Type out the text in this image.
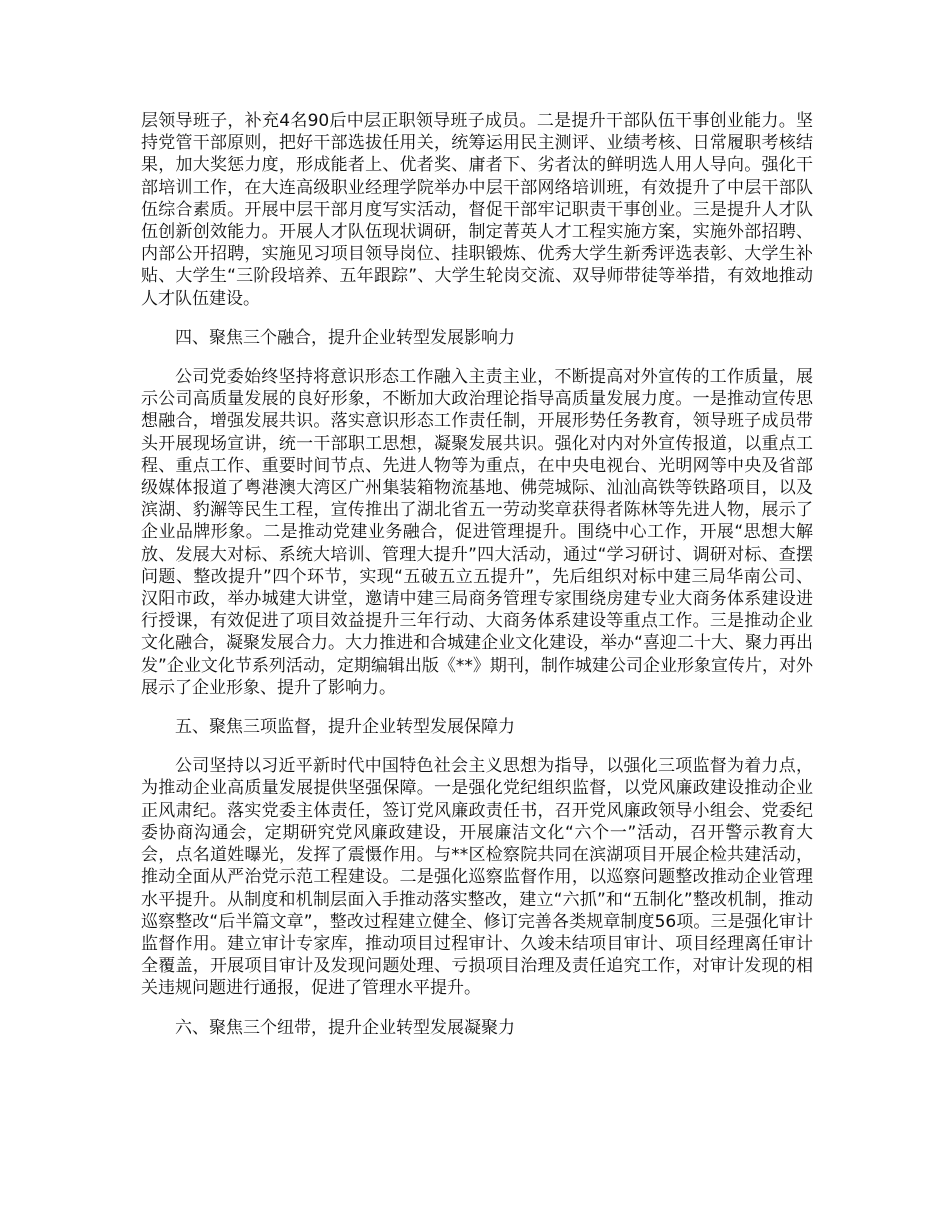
层领导班子，补充4名90后中层正职领导班子成员。二是提升干部队伍干事创业能力。坚持党管干部原则，把好干部选拔任用关，统筹运用民主测评、业绩考核、日常履职考核结果，加大奖惩力度，形成能者上、优者奖、庸者下、劣者汰的鲜明选人用人导向。强化干部培训工作，在大连高级职业经理学院举办中层干部网络培训班，有效提升了中层干部队伍综合素质。开展中层干部月度写实活动，督促干部牢记职责干事创业。三是提升人才队伍创新创效能力。开展人才队伍现状调研，制定菁英人才工程实施方案，实施外部招聘、内部公开招聘，实施见习项目领导岗位、挂职锻炼、优秀大学生新秀评选表彰、大学生补贴、大学生“三阶段培养、五年跟踪”、大学生轮岗交流、双导师带徒等举措，有效地推动人才队伍建设。

四、聚焦三个融合，提升企业转型发展影响力

公司党委始终坚持将意识形态工作融入主责主业，不断提高对外宣传的工作质量，展示公司高质量发展的良好形象，不断加大政治理论指导高质量发展力度。一是推动宣传思想融合，增强发展共识。落实意识形态工作责任制，开展形势任务教育，领导班子成员带头开展现场宣讲，统一干部职工思想，凝聚发展共识。强化对内对外宣传报道，以重点工程、重点工作、重要时间节点、先进人物等为重点，在中央电视台、光明网等中央及省部级媒体报道了粤港澳大湾区广州集装箱物流基地、佛莞城际、汕汕高铁等铁路项目，以及滨湖、豹澥等民生工程，宣传推出了湖北省五一劳动奖章获得者陈林等先进人物，展示了企业品牌形象。二是推动党建业务融合，促进管理提升。围绕中心工作，开展“思想大解放、发展大对标、系统大培训、管理大提升”四大活动，通过“学习研讨、调研对标、查摆问题、整改提升”四个环节，实现“五破五立五提升”，先后组织对标中建三局华南公司、汉阳市政，举办城建大讲堂，邀请中建三局商务管理专家围绕房建专业大商务体系建设进行授课，有效促进了项目效益提升三年行动、大商务体系建设等重点工作。三是推动企业文化融合，凝聚发展合力。大力推进和合城建企业文化建设，举办“喜迎二十大、聚力再出发”企业文化节系列活动，定期编辑出版《**》期刊，制作城建公司企业形象宣传片，对外展示了企业形象、提升了影响力。

五、聚焦三项监督，提升企业转型发展保障力

公司坚持以习近平新时代中国特色社会主义思想为指导，以强化三项监督为着力点，为推动企业高质量发展提供坚强保障。一是强化党纪组织监督，以党风廉政建设推动企业正风肃纪。落实党委主体责任，签订党风廉政责任书，召开党风廉政领导小组会、党委纪委协商沟通会，定期研究党风廉政建设，开展廉洁文化“六个一”活动，召开警示教育大会，点名道姓曝光，发挥了震慑作用。与**区检察院共同在滨湖项目开展企检共建活动，推动全面从严治党示范工程建设。二是强化巡察监督作用，以巡察问题整改推动企业管理水平提升。从制度和机制层面入手推动落实整改，建立“六抓”和“五制化”整改机制，推动巡察整改“后半篇文章”，整改过程建立健全、修订完善各类规章制度56项。三是强化审计监督作用。建立审计专家库，推动项目过程审计、久竣未结项目审计、项目经理离任审计全覆盖，开展项目审计及发现问题处理、亏损项目治理及责任追究工作，对审计发现的相关违规问题进行通报，促进了管理水平提升。

六、聚焦三个纽带，提升企业转型发展凝聚力
